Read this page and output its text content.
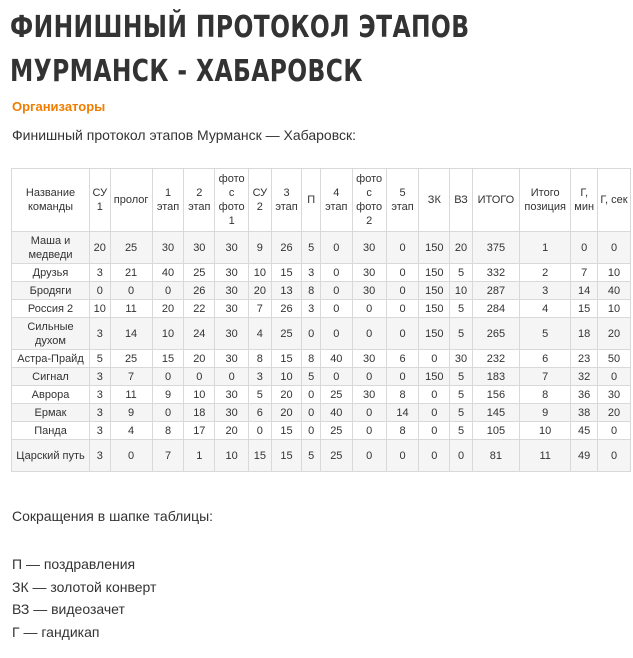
ФИНИШНЫЙ ПРОТОКОЛ ЭТАПОВ МУРМАНСК - ХАБАРОВСК
Организаторы
Финишный протокол этапов Мурманск — Хабаровск:
Название команды	СУ 1	пролог	1 этап	2 этап	фото с фото 1	СУ 2	3 этап	П	4 этап	фото с фото 2	5 этап	ЗК	ВЗ	ИТОГО	Итого позиция	Г, мин	Г, сек
Маша и медведи	20	25	30	30	30	9	26	5	0	30	0	150	20	375	1	0	0
Друзья	3	21	40	25	30	10	15	3	0	30	0	150	5	332	2	7	10
Бродяги	0	0	0	26	30	20	13	8	0	30	0	150	10	287	3	14	40
Россия 2	10	11	20	22	30	7	26	3	0	0	0	150	5	284	4	15	10
Сильные духом	3	14	10	24	30	4	25	0	0	0	0	150	5	265	5	18	20
Астра-Прайд	5	25	15	20	30	8	15	8	40	30	6	0	30	232	6	23	50
Сигнал	3	7	0	0	0	3	10	5	0	0	0	150	5	183	7	32	0
Аврора	3	11	9	10	30	5	20	0	25	30	8	0	5	156	8	36	30
Ермак	3	9	0	18	30	6	20	0	40	0	14	0	5	145	9	38	20
Панда	3	4	8	17	20	0	15	0	25	0	8	0	5	105	10	45	0
Царский путь	3	0	7	1	10	15	15	5	25	0	0	0	0	81	11	49	0
Сокращения в шапке таблицы:
П — поздравления
ЗК — золотой конверт
ВЗ — видеозачет
Г — гандикап
